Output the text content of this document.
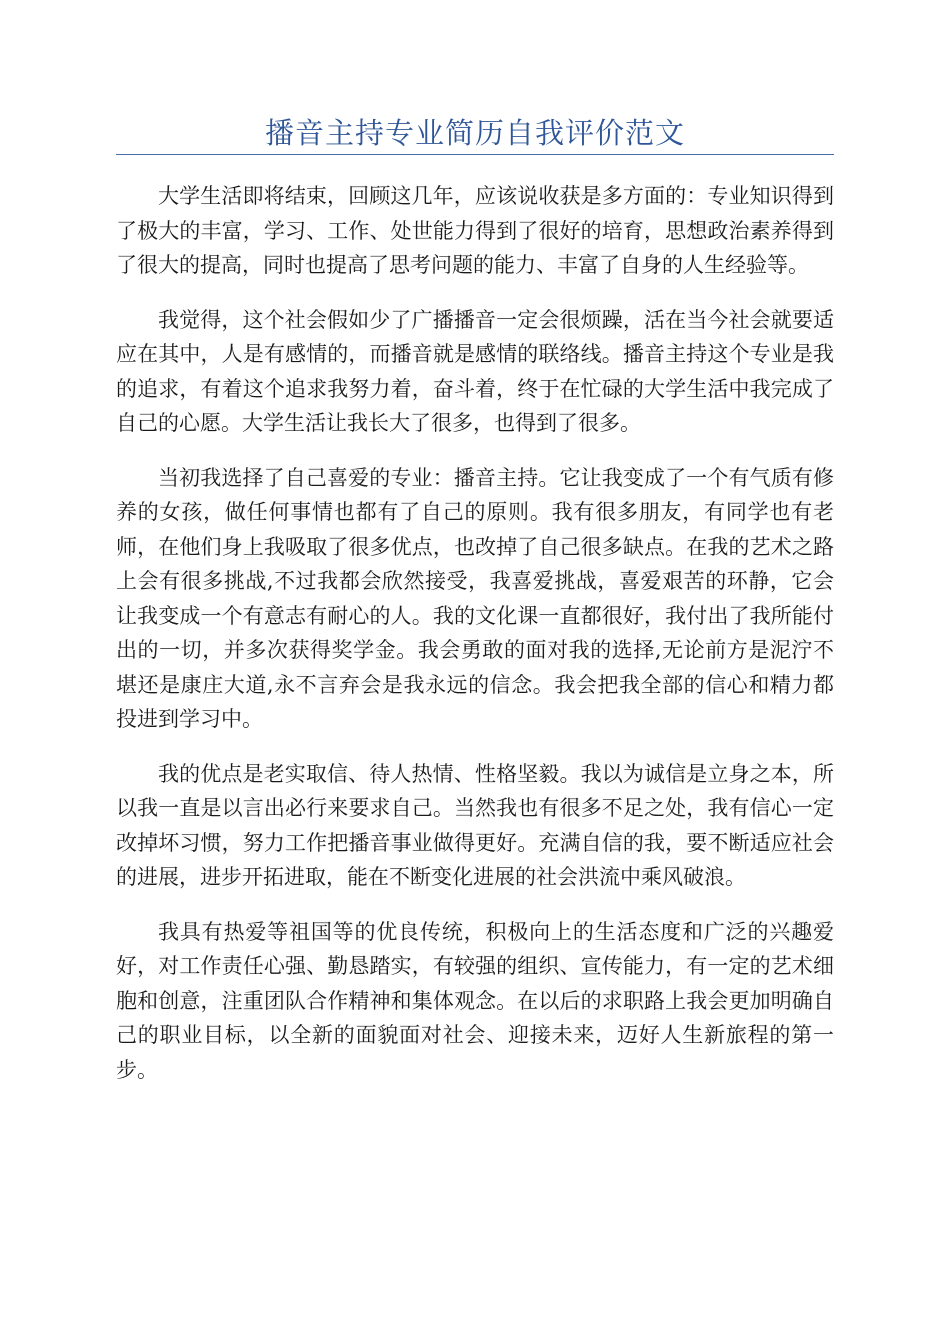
播音主持专业简历自我评价范文

大学生活即将结束，回顾这几年，应该说收获是多方面的：专业知识得到了极大的丰富，学习、工作、处世能力得到了很好的培育，思想政治素养得到了很大的提高，同时也提高了思考问题的能力、丰富了自身的人生经验等。

我觉得，这个社会假如少了广播播音一定会很烦躁，活在当今社会就要适应在其中，人是有感情的，而播音就是感情的联络线。播音主持这个专业是我的追求，有着这个追求我努力着，奋斗着，终于在忙碌的大学生活中我完成了自己的心愿。大学生活让我长大了很多，也得到了很多。

当初我选择了自己喜爱的专业：播音主持。它让我变成了一个有气质有修养的女孩，做任何事情也都有了自己的原则。我有很多朋友，有同学也有老师，在他们身上我吸取了很多优点，也改掉了自己很多缺点。在我的艺术之路上会有很多挑战,不过我都会欣然接受，我喜爱挑战，喜爱艰苦的环静，它会让我变成一个有意志有耐心的人。我的文化课一直都很好，我付出了我所能付出的一切，并多次获得奖学金。我会勇敢的面对我的选择,无论前方是泥泞不堪还是康庄大道,永不言弃会是我永远的信念。我会把我全部的信心和精力都投进到学习中。

我的优点是老实取信、待人热情、性格坚毅。我以为诚信是立身之本，所以我一直是以言出必行来要求自己。当然我也有很多不足之处，我有信心一定改掉坏习惯，努力工作把播音事业做得更好。充满自信的我，要不断适应社会的进展，进步开拓进取，能在不断变化进展的社会洪流中乘风破浪。

我具有热爱等祖国等的优良传统，积极向上的生活态度和广泛的兴趣爱好，对工作责任心强、勤恳踏实，有较强的组织、宣传能力，有一定的艺术细胞和创意，注重团队合作精神和集体观念。在以后的求职路上我会更加明确自己的职业目标，以全新的面貌面对社会、迎接未来，迈好人生新旅程的第一步。
